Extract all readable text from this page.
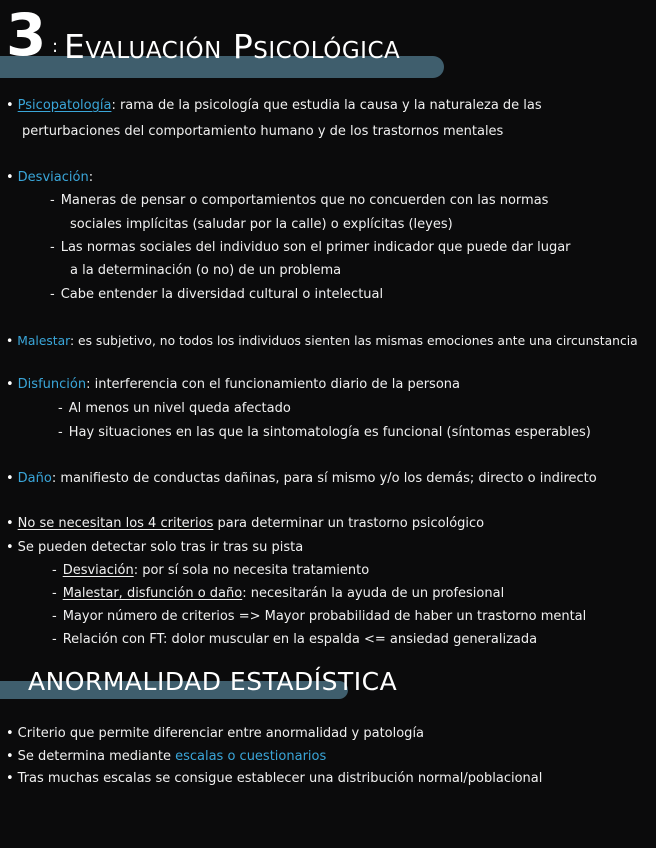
3 : Evaluación Psicológica
• Psicopatología: rama de la psicología que estudia la causa y la naturaleza de las
perturbaciones del comportamiento humano y de los trastornos mentales
• Desviación:
- Maneras de pensar o comportamientos que no concuerden con las normas
sociales implícitas (saludar por la calle) o explícitas (leyes)
- Las normas sociales del individuo son el primer indicador que puede dar lugar
a la determinación (o no) de un problema
- Cabe entender la diversidad cultural o intelectual
• Malestar: es subjetivo, no todos los individuos sienten las mismas emociones ante una circunstancia
• Disfunción: interferencia con el funcionamiento diario de la persona
- Al menos un nivel queda afectado
- Hay situaciones en las que la sintomatología es funcional (síntomas esperables)
• Daño: manifiesto de conductas dañinas, para sí mismo y/o los demás; directo o indirecto
• No se necesitan los 4 criterios para determinar un trastorno psicológico
• Se pueden detectar solo tras ir tras su pista
- Desviación: por sí sola no necesita tratamiento
- Malestar, disfunción o daño: necesitarán la ayuda de un profesional
- Mayor número de criterios => Mayor probabilidad de haber un trastorno mental
- Relación con FT: dolor muscular en la espalda <= ansiedad generalizada
ANORMALIDAD ESTADÍSTICA
• Criterio que permite diferenciar entre anormalidad y patología
• Se determina mediante escalas o cuestionarios
• Tras muchas escalas se consigue establecer una distribución normal/poblacional
